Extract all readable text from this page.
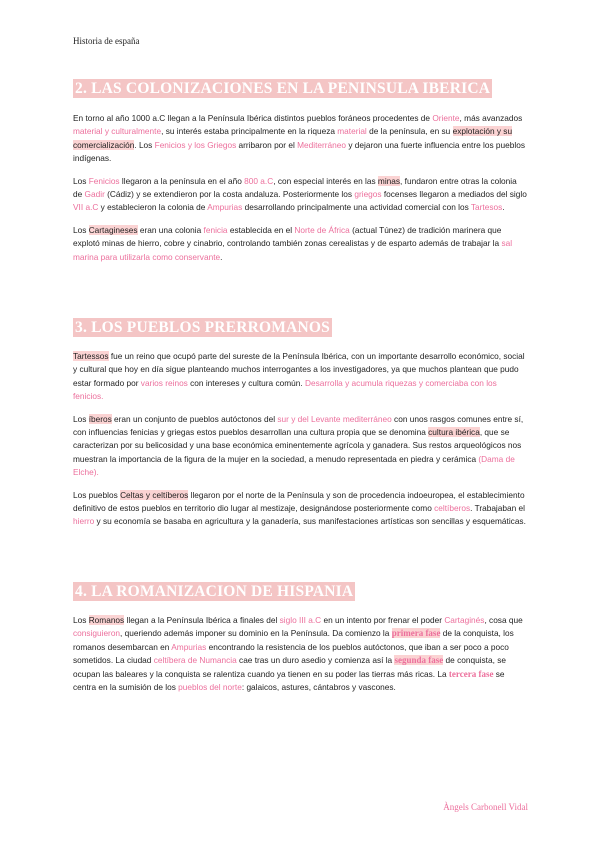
Historia de españa
2. LAS COLONIZACIONES EN LA PENINSULA IBERICA

En torno al año 1000 a.C llegan a la Península Ibérica distintos pueblos foráneos procedentes de Oriente, más avanzados material y culturalmente, su interés estaba principalmente en la riqueza material de la península, en su explotación y su comercialización. Los Fenicios y los Griegos arribaron por el Mediterráneo y dejaron una fuerte influencia entre los pueblos indígenas.

Los Fenicios llegaron a la península en el año 800 a.C, con especial interés en las minas, fundaron entre otras la colonia de Gadir (Cádiz) y se extendieron por la costa andaluza. Posteriormente los griegos focenses llegaron a mediados del siglo VII a.C y establecieron la colonia de Ampurias desarrollando principalmente una actividad comercial con los Tartesos.

Los Cartagineses eran una colonia fenicia establecida en el Norte de África (actual Túnez) de tradición marinera que explotó minas de hierro, cobre y cinabrio, controlando también zonas cerealistas y de esparto además de trabajar la sal marina para utilizarla como conservante.

3. LOS PUEBLOS PRERROMANOS

Tartessos fue un reino que ocupó parte del sureste de la Península Ibérica, con un importante desarrollo económico, social y cultural que hoy en día sigue planteando muchos interrogantes a los investigadores, ya que muchos plantean que pudo estar formado por varios reinos con intereses y cultura común. Desarrolla y acumula riquezas y comerciaba con los fenicios.

Los íberos eran un conjunto de pueblos autóctonos del sur y del Levante mediterráneo con unos rasgos comunes entre sí, con influencias fenicias y griegas estos pueblos desarrollan una cultura propia que se denomina cultura ibérica, que se caracterizan por su belicosidad y una base económica eminentemente agrícola y ganadera. Sus restos arqueológicos nos muestran la importancia de la figura de la mujer en la sociedad, a menudo representada en piedra y cerámica (Dama de Elche).

Los pueblos Celtas y celtíberos llegaron por el norte de la Península y son de procedencia indoeuropea, el establecimiento definitivo de estos pueblos en territorio dio lugar al mestizaje, designándose posteriormente como celtíberos. Trabajaban el hierro y su economía se basaba en agricultura y la ganadería, sus manifestaciones artísticas son sencillas y esquemáticas.

4. LA ROMANIZACION DE HISPANIA

Los Romanos llegan a la Península Ibérica a finales del siglo III a.C en un intento por frenar el poder Cartaginés, cosa que consiguieron, queriendo además imponer su dominio en la Península. Da comienzo la primera fase de la conquista, los romanos desembarcan en Ampurias encontrando la resistencia de los pueblos autóctonos, que iban a ser poco a poco sometidos. La ciudad celtíbera de Numancia cae tras un duro asedio y comienza así la segunda fase de conquista, se ocupan las baleares y la conquista se ralentiza cuando ya tienen en su poder las tierras más ricas. La tercera fase se centra en la sumisión de los pueblos del norte: galaicos, astures, cántabros y vascones.

Àngels Carbonell Vidal
